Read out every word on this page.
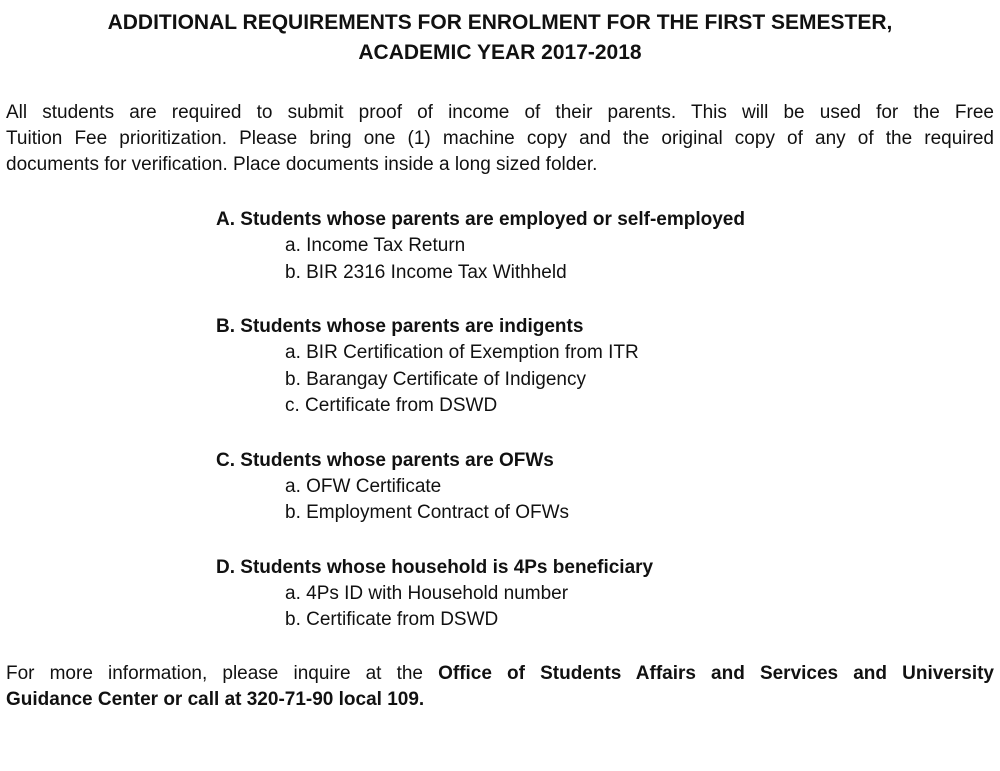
ADDITIONAL REQUIREMENTS FOR ENROLMENT FOR THE FIRST SEMESTER,
ACADEMIC YEAR 2017-2018
All students are required to submit proof of income of their parents. This will be used for the Free
Tuition Fee prioritization. Please bring one (1) machine copy and the original copy of any of the required
documents for verification. Place documents inside a long sized folder.

A. Students whose parents are employed or self-employed

a. Income Tax Return
b. BIR 2316 Income Tax Withheld

B. Students whose parents are indigents

a. BIR Certification of Exemption from ITR
b. Barangay Certificate of Indigency
c. Certificate from DSWD

C. Students whose parents are OFWs

a. OFW Certificate
b. Employment Contract of OFWs

D. Students whose household is 4Ps beneficiary

a. 4Ps ID with Household number
b. Certificate from DSWD
For more information, please inquire at the Office of Students Affairs and Services and University
Guidance Center or call at 320-71-90 local 109.
